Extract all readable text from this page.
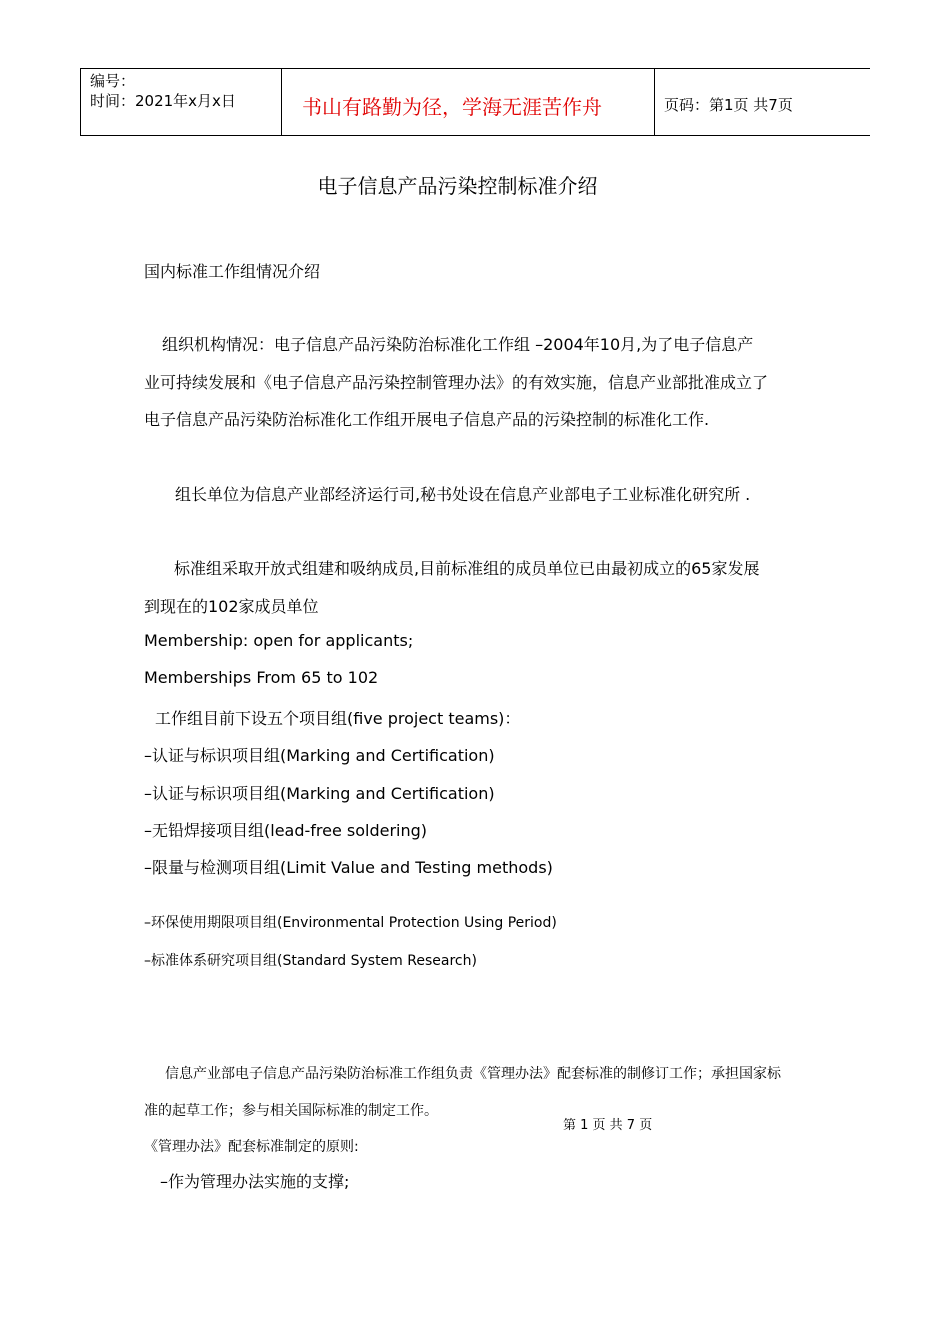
编号：
时间：2021年x月x日	书山有路勤为径，学海无涯苦作舟	页码：第1页 共7页
电子信息产品污染控制标准介绍
国内标准工作组情况介绍
组织机构情况：电子信息产品污染防治标准化工作组 –2004年10月,为了电子信息产
业可持续发展和《电子信息产品污染控制管理办法》的有效实施，信息产业部批准成立了
电子信息产品污染防治标准化工作组开展电子信息产品的污染控制的标准化工作.
组长单位为信息产业部经济运行司,秘书处设在信息产业部电子工业标准化研究所 .
标准组采取开放式组建和吸纳成员,目前标准组的成员单位已由最初成立的65家发展
到现在的102家成员单位
Membership: open for applicants;
Memberships From 65 to 102
工作组目前下设五个项目组(five project teams)：
–认证与标识项目组(Marking and Certification)
–认证与标识项目组(Marking and Certification)
–无铅焊接项目组(lead-free soldering)
–限量与检测项目组(Limit Value and Testing methods)
–环保使用期限项目组(Environmental Protection Using Period)
–标准体系研究项目组(Standard System Research)
信息产业部电子信息产品污染防治标准工作组负责《管理办法》配套标准的制修订工作；承担国家标
准的起草工作；参与相关国际标准的制定工作。
第 1 页 共 7 页
《管理办法》配套标准制定的原则:
–作为管理办法实施的支撑;
